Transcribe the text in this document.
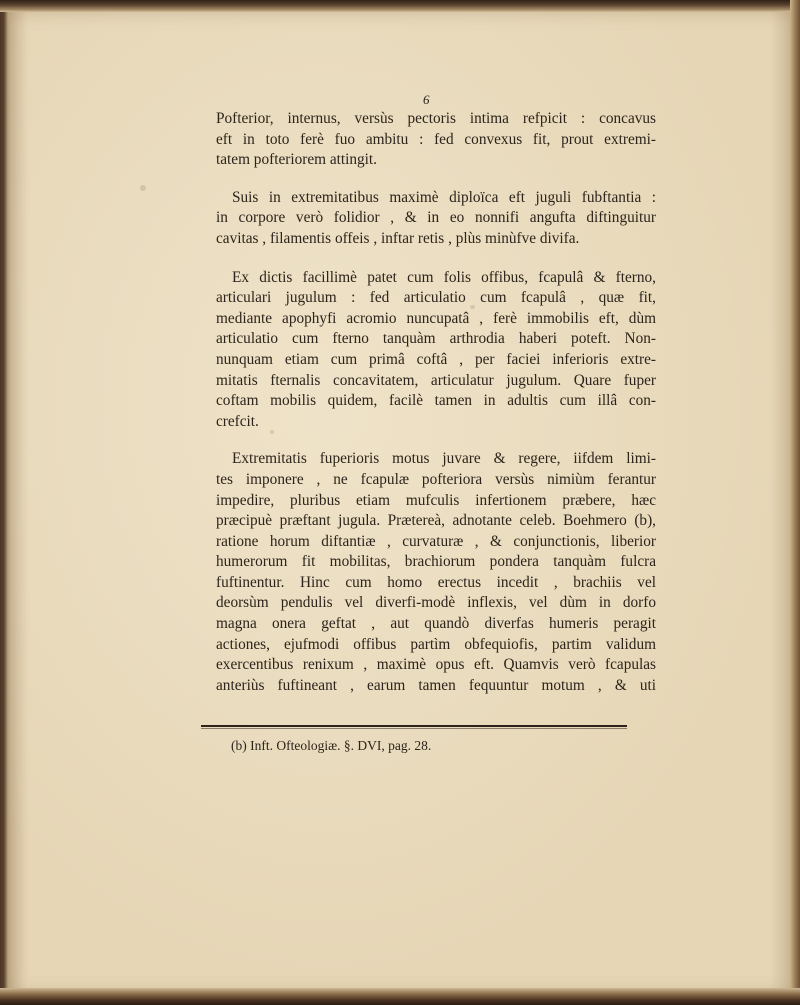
6
Pofterior, internus, versùs pectoris intima refpicit : concavus
eft in toto ferè fuo ambitu : fed convexus fit, prout extremi-
tatem pofteriorem attingit.
Suis in extremitatibus maximè diploïca eft juguli fubftantia :
in corpore verò folidior , & in eo nonnifi angufta diftinguitur
cavitas , filamentis offeis , inftar retis , plùs minùfve divifa.
Ex dictis facillimè patet cum folis offibus, fcapulâ & fterno,
articulari jugulum : fed articulatio cum fcapulâ , quæ fit,
mediante apophyfi acromio nuncupatâ , ferè immobilis eft, dùm
articulatio cum fterno tanquàm arthrodia haberi poteft. Non-
nunquam etiam cum primâ coftâ , per faciei inferioris extre-
mitatis fternalis concavitatem, articulatur jugulum. Quare fuper
coftam mobilis quidem, facilè tamen in adultis cum illâ con-
crefcit.
Extremitatis fuperioris motus juvare & regere, iifdem limi-
tes imponere , ne fcapulæ pofteriora versùs nimiùm ferantur
impedire, pluribus etiam mufculis infertionem præbere, hæc
præcipuè præftant jugula. Prætereà, adnotante celeb. Boehmero (b),
ratione horum diftantiæ , curvaturæ , & conjunctionis, liberior
humerorum fit mobilitas, brachiorum pondera tanquàm fulcra
fuftinentur. Hinc cum homo erectus incedit , brachiis vel
deorsùm pendulis vel diverfi-modè inflexis, vel dùm in dorfo
magna onera geftat , aut quandò diverfas humeris peragit
actiones, ejufmodi offibus partìm obfequiofis, partim validum
exercentibus renixum , maximè opus eft. Quamvis verò fcapulas
anteriùs fuftineant , earum tamen fequuntur motum , & uti
(b) Inft. Ofteologiæ. §. DVI, pag. 28.
